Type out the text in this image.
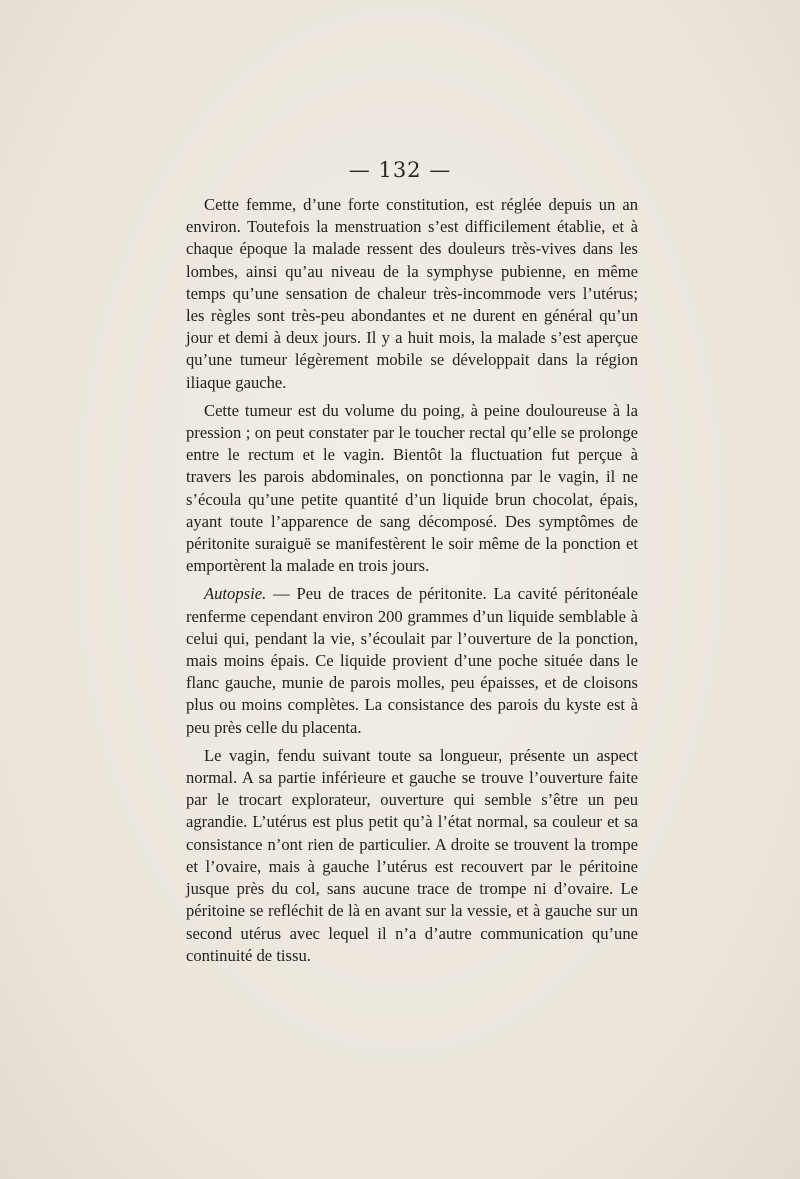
— 132 —

Cette femme, d’une forte constitution, est réglée depuis un an environ. Toutefois la menstruation s’est difficilement établie, et à chaque époque la malade ressent des douleurs très-vives dans les lombes, ainsi qu’au niveau de la symphyse pubienne, en même temps qu’une sensation de chaleur très-incommode vers l’utérus; les règles sont très-peu abondantes et ne durent en général qu’un jour et demi à deux jours. Il y a huit mois, la malade s’est aperçue qu’une tumeur légèrement mobile se développait dans la région iliaque gauche.

Cette tumeur est du volume du poing, à peine douloureuse à la pression ; on peut constater par le toucher rectal qu’elle se prolonge entre le rectum et le vagin. Bientôt la fluctuation fut perçue à travers les parois abdominales, on ponctionna par le vagin, il ne s’écoula qu’une petite quantité d’un liquide brun chocolat, épais, ayant toute l’apparence de sang décomposé. Des symptômes de péritonite suraiguë se manifestèrent le soir même de la ponction et emportèrent la malade en trois jours.

Autopsie. — Peu de traces de péritonite. La cavité péritonéale renferme cependant environ 200 grammes d’un liquide semblable à celui qui, pendant la vie, s’écoulait par l’ouverture de la ponction, mais moins épais. Ce liquide provient d’une poche située dans le flanc gauche, munie de parois molles, peu épaisses, et de cloisons plus ou moins complètes. La consistance des parois du kyste est à peu près celle du placenta.

Le vagin, fendu suivant toute sa longueur, présente un aspect normal. A sa partie inférieure et gauche se trouve l’ouverture faite par le trocart explorateur, ouverture qui semble s’être un peu agrandie. L’utérus est plus petit qu’à l’état normal, sa couleur et sa consistance n’ont rien de particulier. A droite se trouvent la trompe et l’ovaire, mais à gauche l’utérus est recouvert par le péritoine jusque près du col, sans aucune trace de trompe ni d’ovaire. Le péritoine se refléchit de là en avant sur la vessie, et à gauche sur un second utérus avec lequel il n’a d’autre communication qu’une continuité de tissu.
